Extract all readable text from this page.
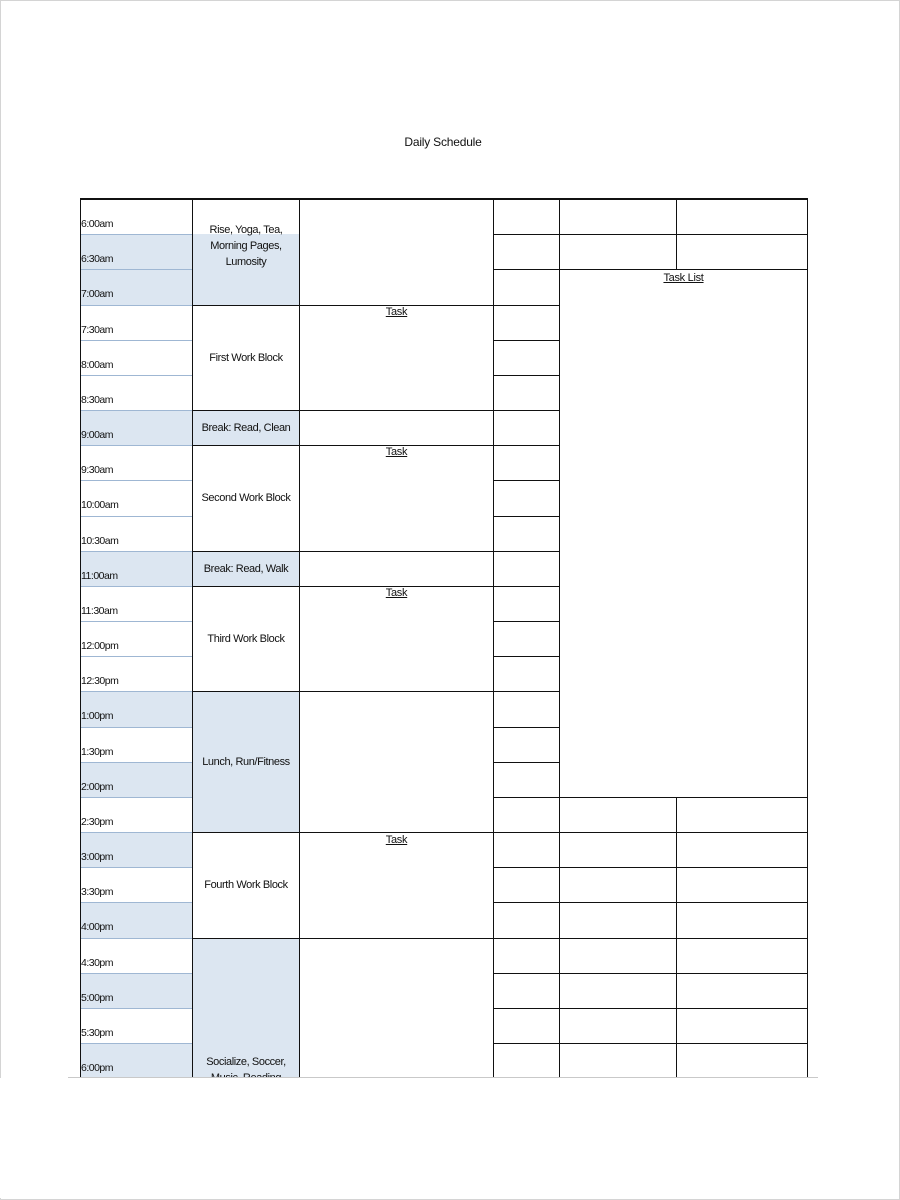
Daily Schedule
6:00am
6:30am
7:00am
7:30am
8:00am
8:30am
9:00am
9:30am
10:00am
10:30am
11:00am
11:30am
12:00pm
12:30pm
1:00pm
1:30pm
2:00pm
2:30pm
3:00pm
3:30pm
4:00pm
4:30pm
5:00pm
5:30pm
6:00pm
Rise, Yoga, Tea, Morning Pages, Lumosity
First Work Block
Break: Read, Clean
Second Work Block
Break: Read, Walk
Third Work Block
Lunch, Run/Fitness
Fourth Work Block
Socialize, Soccer,
Task
Task
Task
Task
Task List
